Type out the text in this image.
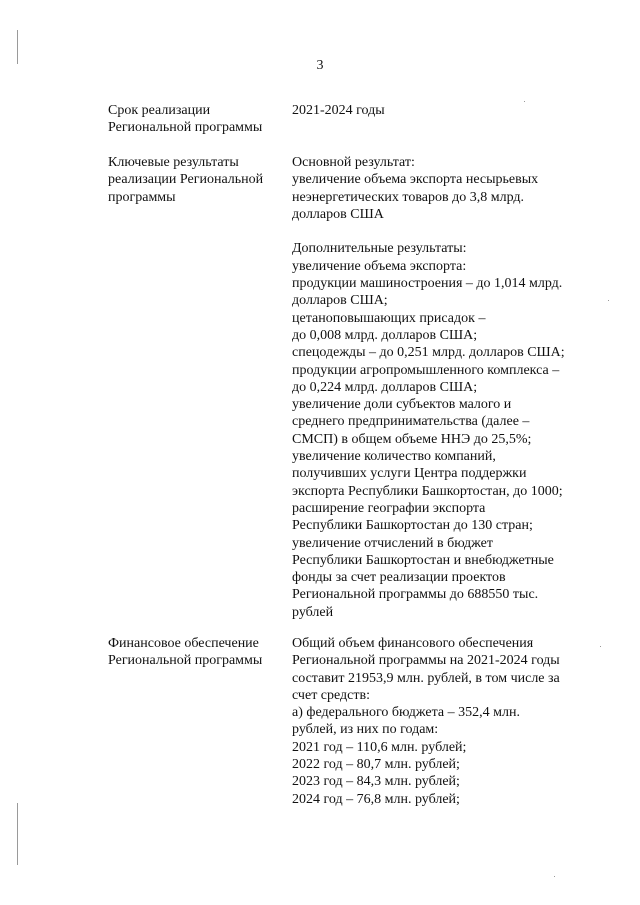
3
Срок реализации
Региональной программы
2021-2024 годы
Ключевые результаты
реализации Региональной
программы
Основной результат:
увеличение объема экспорта несырьевых
неэнергетических товаров до 3,8 млрд.
долларов США
Дополнительные результаты:
увеличение объема экспорта:
продукции машиностроения – до 1,014 млрд.
долларов США;
цетаноповышающих присадок –
до 0,008 млрд. долларов США;
спецодежды – до 0,251 млрд. долларов США;
продукции агропромышленного комплекса –
до 0,224 млрд. долларов США;
увеличение доли субъектов малого и
среднего предпринимательства (далее –
СМСП) в общем объеме ННЭ до 25,5%;
увеличение количество компаний,
получивших услуги Центра поддержки
экспорта Республики Башкортостан, до 1000;
расширение географии экспорта
Республики Башкортостан до 130 стран;
увеличение отчислений в бюджет
Республики Башкортостан и внебюджетные
фонды за счет реализации проектов
Региональной программы до 688550 тыс.
рублей
Финансовое обеспечение
Региональной программы
Общий объем финансового обеспечения
Региональной программы на 2021-2024 годы
составит 21953,9 млн. рублей, в том числе за
счет средств:
а) федерального бюджета – 352,4 млн.
рублей, из них по годам:
2021 год – 110,6 млн. рублей;
2022 год – 80,7 млн. рублей;
2023 год – 84,3 млн. рублей;
2024 год – 76,8 млн. рублей;
